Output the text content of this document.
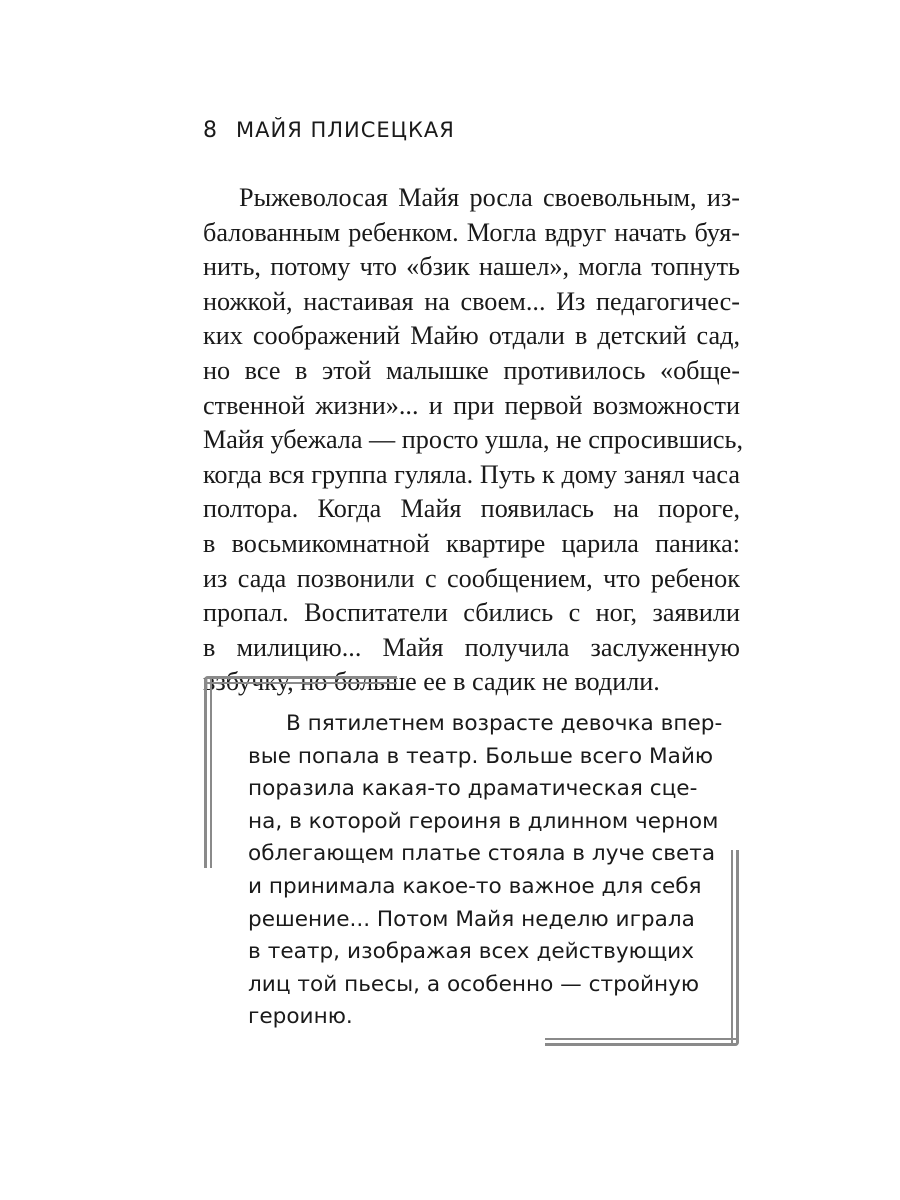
8 МАЙЯ ПЛИСЕЦКАЯ
Рыжеволосая Майя росла своевольным, из-
балованным ребенком. Могла вдруг начать буя-
нить, потому что «бзик нашел», могла топнуть
ножкой, настаивая на своем... Из педагогичес-
ких соображений Майю отдали в детский сад,
но все в этой малышке противилось «обще-
ственной жизни»... и при первой возможности
Майя убежала — просто ушла, не спросившись,
когда вся группа гуляла. Путь к дому занял часа
полтора. Когда Майя появилась на пороге,
в восьмикомнатной квартире царила паника:
из сада позвонили с сообщением, что ребенок
пропал. Воспитатели сбились с ног, заявили
в милицию... Майя получила заслуженную
взбучку, но больше ее в садик не водили.
В пятилетнем возрасте девочка впер-
вые попала в театр. Больше всего Майю
поразила какая-то драматическая сце-
на, в которой героиня в длинном черном
облегающем платье стояла в луче света
и принимала какое-то важное для себя
решение... Потом Майя неделю играла
в театр, изображая всех действующих
лиц той пьесы, а особенно — стройную
героиню.
